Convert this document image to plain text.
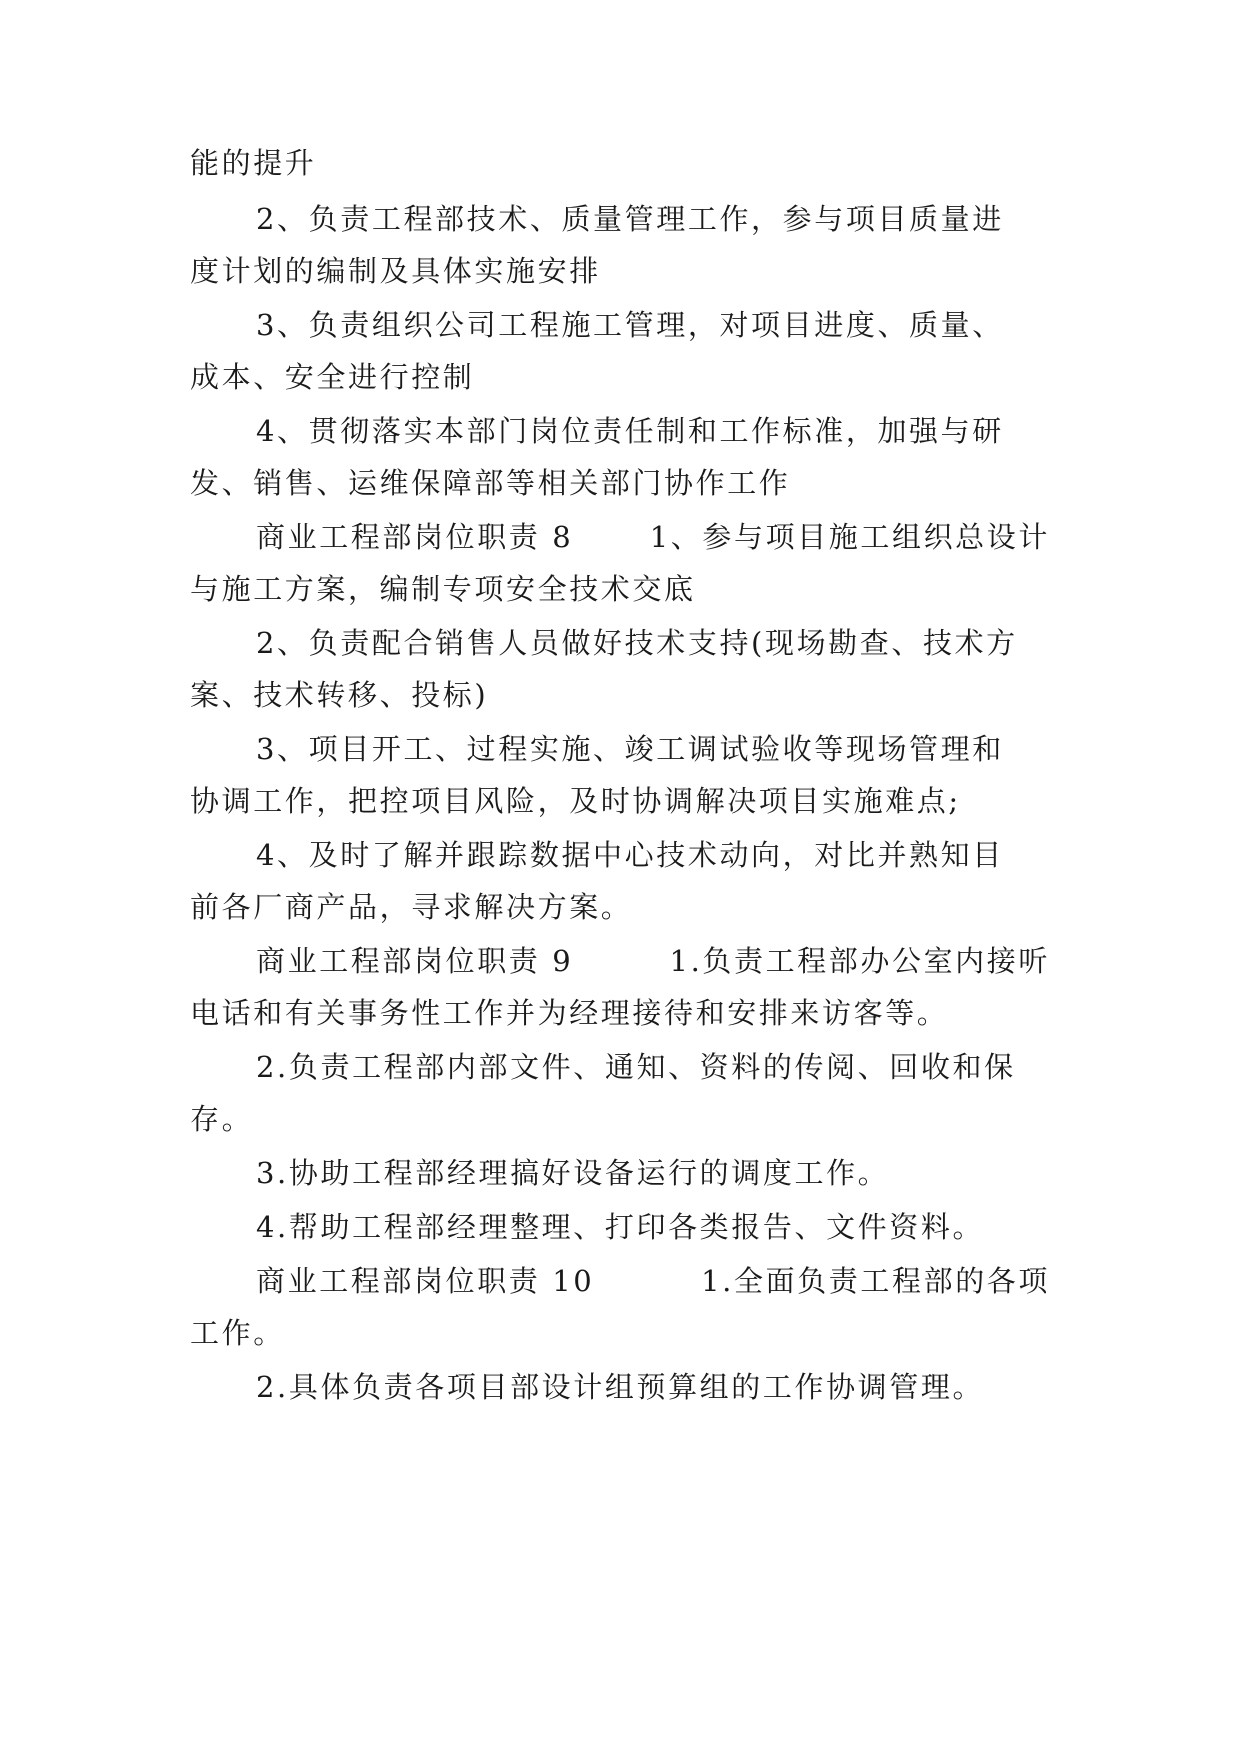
能的提升
2、负责工程部技术、质量管理工作，参与项目质量进
度计划的编制及具体实施安排
3、负责组织公司工程施工管理，对项目进度、质量、
成本、安全进行控制
4、贯彻落实本部门岗位责任制和工作标准，加强与研
发、销售、运维保障部等相关部门协作工作
商业工程部岗位职责 8	1、参与项目施工组织总设计
与施工方案，编制专项安全技术交底
2、负责配合销售人员做好技术支持(现场勘查、技术方
案、技术转移、投标)
3、项目开工、过程实施、竣工调试验收等现场管理和
协调工作，把控项目风险，及时协调解决项目实施难点;
4、及时了解并跟踪数据中心技术动向，对比并熟知目
前各厂商产品，寻求解决方案。
商业工程部岗位职责 9	1.负责工程部办公室内接听
电话和有关事务性工作并为经理接待和安排来访客等。
2.负责工程部内部文件、通知、资料的传阅、回收和保
存。
3.协助工程部经理搞好设备运行的调度工作。
4.帮助工程部经理整理、打印各类报告、文件资料。
商业工程部岗位职责 10	1.全面负责工程部的各项
工作。
2.具体负责各项目部设计组预算组的工作协调管理。
